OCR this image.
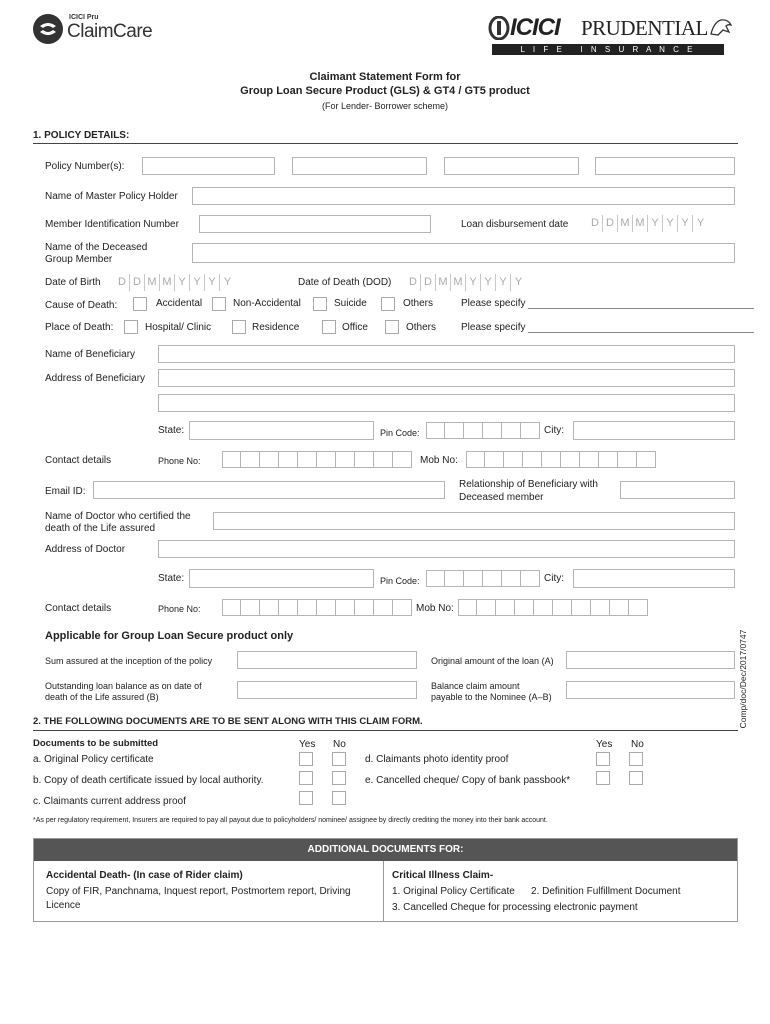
ICICI Pru
ClaimCare	ICICI PRUDENTIAL
L I F E   I N S U R A N C E
Claimant Statement Form for
Group Loan Secure Product (GLS) & GT4 / GT5 product
(For Lender- Borrower scheme)
1. POLICY DETAILS:
Policy Number(s):
Name of Master Policy Holder
Member Identification Number	Loan disbursement date D D M M Y Y Y Y
Name of the Deceased
Group Member
Date of Birth D D M M Y Y Y Y	Date of Death (DOD) D D M M Y Y Y Y
Cause of Death:	Accidental	Non-Accidental	Suicide	Others	Please specify
Place of Death:	Hospital/ Clinic	Residence	Office	Others Please specify
Name of Beneficiary
Address of Beneficiary
State:	Pin Code:	City:
Contact details	Phone No:	Mob No:
Email ID:
Relationship of Beneficiary with
Deceased member
Name of Doctor who certified the
death of the Life assured
Address of Doctor
State:	Pin Code:	City:
Contact details	Phone No:	Mob No:
Applicable for Group Loan Secure product only
Sum assured at the inception of the policy	Original amount of the loan (A)
Outstanding loan balance as on date of
death of the Life assured (B)
Balance claim amount
payable to the Nominee (A–B)	Comp/doc/Dec/2017/0747
2. THE FOLLOWING DOCUMENTS ARE TO BE SENT ALONG WITH THIS CLAIM FORM.
Documents to be submitted	Yes No	Yes No
a. Original Policy certificate	d. Claimants photo identity proof
b. Copy of death certificate issued by local authority.	e. Cancelled cheque/ Copy of bank passbook*
c. Claimants current address proof
*As per regulatory requirement, Insurers are required to pay all payout due to policyholders/ nominee/ assignee by directly crediting the money into their bank account.
ADDITIONAL DOCUMENTS FOR:
Accidental Death- (In case of Rider claim)
Copy of FIR, Panchnama, Inquest report, Postmortem report, Driving
Licence
Critical Illness Claim-
1. Original Policy Certificate 2. Definition Fulfillment Document
3. Cancelled Cheque for processing electronic payment
